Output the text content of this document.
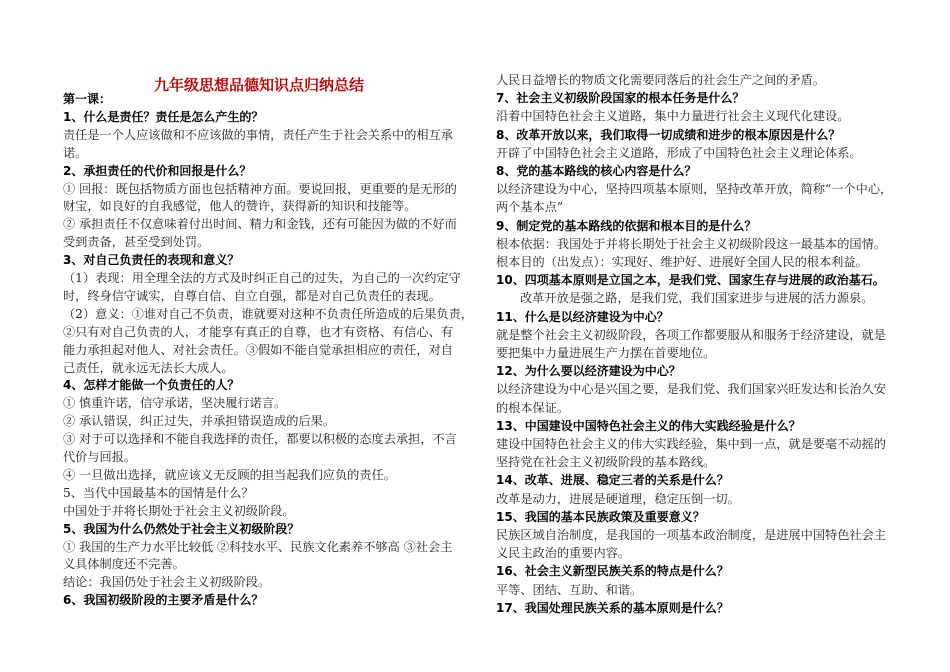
九年级思想品德知识点归纳总结
第一课：
1、什么是责任？责任是怎么产生的？
责任是一个人应该做和不应该做的事情，责任产生于社会关系中的相互承
诺。
2、承担责任的代价和回报是什么？
① 回报：既包括物质方面也包括精神方面。要说回报，更重要的是无形的
财宝，如良好的自我感觉，他人的赞许，获得新的知识和技能等。
② 承担责任不仅意味着付出时间、精力和金钱，还有可能因为做的不好而
受到责备，甚至受到处罚。
3、对自己负责任的表现和意义？
（1）表现：用全理全法的方式及时纠正自己的过失，为自己的一次约定守
时，终身信守诚实，自尊自信、自立自强，都是对自己负责任的表现。
（2）意义：①谁对自己不负责，谁就要对这种不负责任所造成的后果负责，
②只有对自己负责的人，才能享有真正的自尊，也才有资格、有信心、有
能力承担起对他人、对社会责任。③假如不能自觉承担相应的责任，对自
己责任，就永远无法长大成人。
4、怎样才能做一个负责任的人？
① 慎重许诺，信守承诺，坚决履行诺言。
② 承认错误，纠正过失，并承担错误造成的后果。
③ 对于可以选择和不能自我选择的责任，都要以积极的态度去承担，不言
代价与回报。
④ 一旦做出选择，就应该义无反顾的担当起我们应负的责任。
5、当代中国最基本的国情是什么？
中国处于并将长期处于社会主义初级阶段。
5、我国为什么仍然处于社会主义初级阶段？
① 我国的生产力水平比较低 ②科技水平、民族文化素养不够高 ③社会主
义具体制度还不完善。
结论：我国仍处于社会主义初级阶段。
6、我国初级阶段的主要矛盾是什么？
人民日益增长的物质文化需要同落后的社会生产之间的矛盾。
7、社会主义初级阶段国家的根本任务是什么？
沿着中国特色社会主义道路，集中力量进行社会主义现代化建设。
8、改革开放以来，我们取得一切成绩和进步的根本原因是什么？
开辟了中国特色社会主义道路，形成了中国特色社会主义理论体系。
8、党的基本路线的核心内容是什么？
以经济建设为中心，坚持四项基本原则，坚持改革开放，简称“一个中心，
两个基本点”
9、制定党的基本路线的依据和根本目的是什么？
根本依据：我国处于并将长期处于社会主义初级阶段这一最基本的国情。
根本目的（出发点）：实现好、维护好、进展好全国人民的根本利益。
10、四项基本原则是立国之本，是我们党、国家生存与进展的政治基石。
改革开放是强之路，是我们党，我们国家进步与进展的活力源泉。
11、什么是以经济建设为中心？
就是整个社会主义初级阶段，各项工作都要服从和服务于经济建设，就是
要把集中力量进展生产力摆在首要地位。
12、为什么要以经济建设为中心？
以经济建设为中心是兴国之要，是我们党、我们国家兴旺发达和长治久安
的根本保证。
13、中国建设中国特色社会主义的伟大实践经验是什么？
建设中国特色社会主义的伟大实践经验，集中到一点，就是要毫不动摇的
坚持党在社会主义初级阶段的基本路线。
14、改革、进展、稳定三者的关系是什么？
改革是动力，进展是硬道理，稳定压倒一切。
15、我国的基本民族政策及重要意义？
民族区域自治制度，是我国的一项基本政治制度，是进展中国特色社会主
义民主政治的重要内容。
16、社会主义新型民族关系的特点是什么？
平等、团结、互助、和谐。
17、我国处理民族关系的基本原则是什么？
